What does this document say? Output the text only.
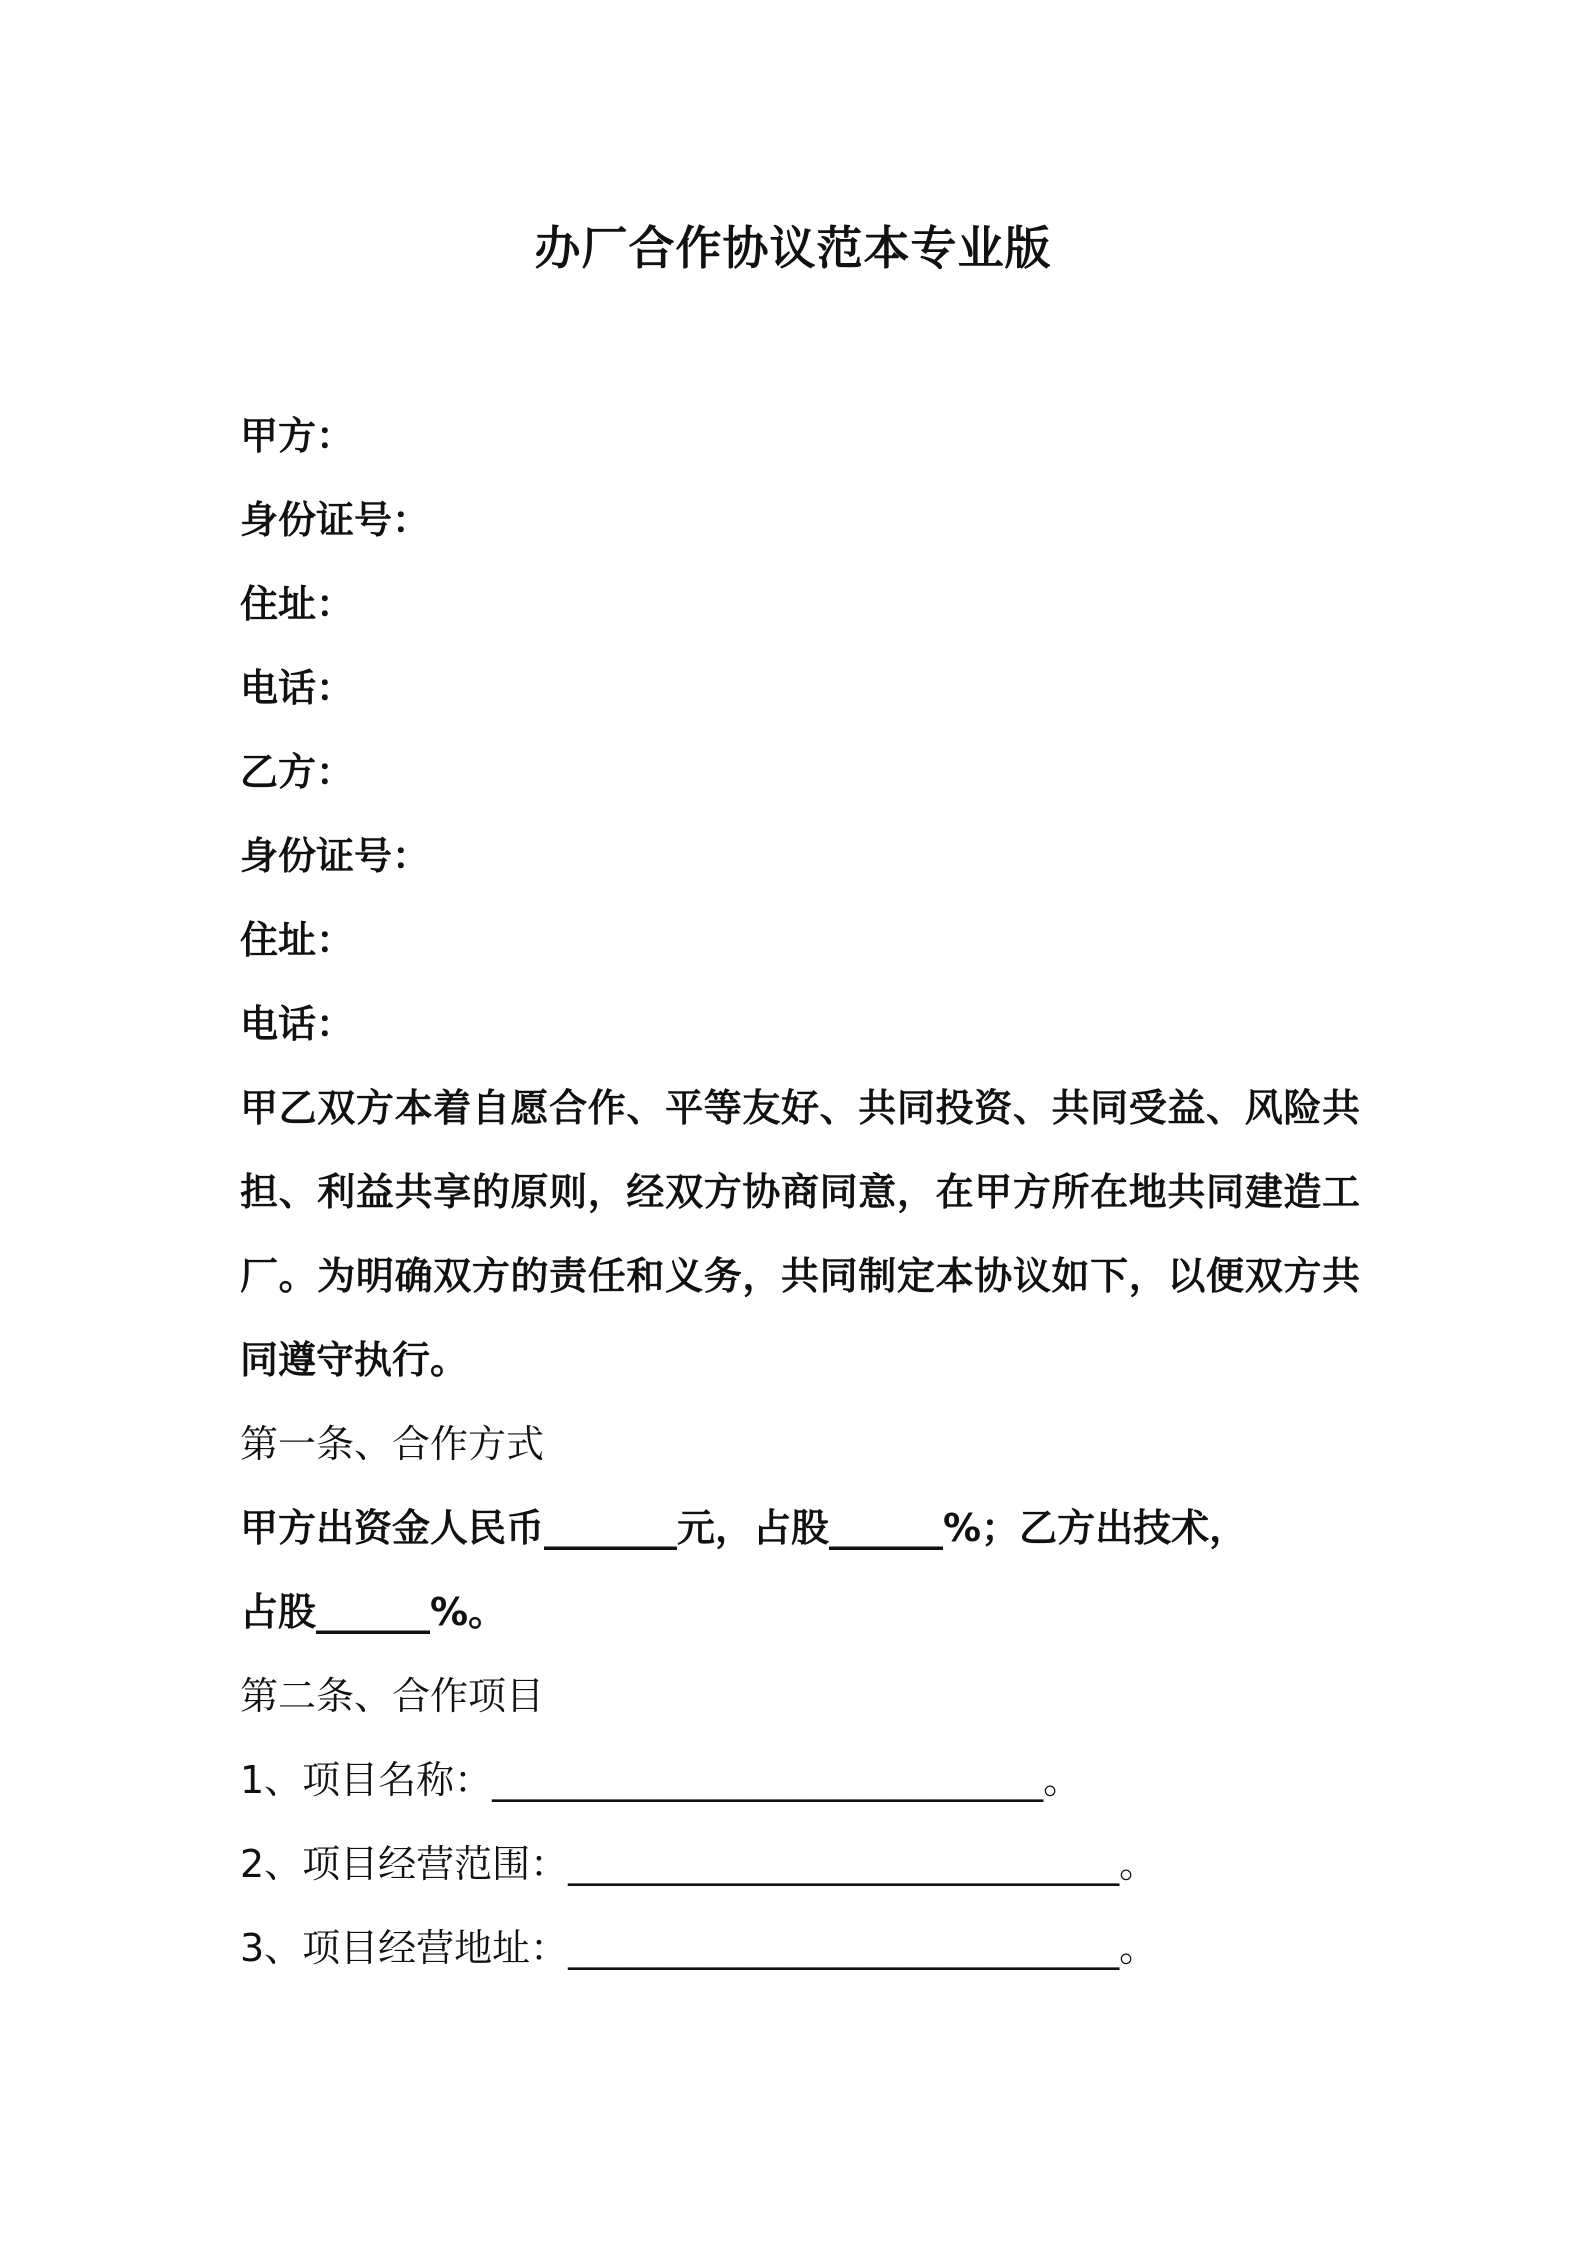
办厂合作协议范本专业版

甲方：

身份证号：

住址：

电话：

乙方：

身份证号：

住址：

电话：

甲乙双方本着自愿合作、平等友好、共同投资、共同受益、风险共担、利益共享的原则，经双方协商同意，在甲方所在地共同建造工厂。为明确双方的责任和义务，共同制定本协议如下，以便双方共同遵守执行。

第一条、合作方式

甲方出资金人民币_______元，占股______%；乙方出技术，

占股______%。

第二条、合作项目

1、项目名称：_____________________________。

2、项目经营范围：_____________________________。

3、项目经营地址：_____________________________。
